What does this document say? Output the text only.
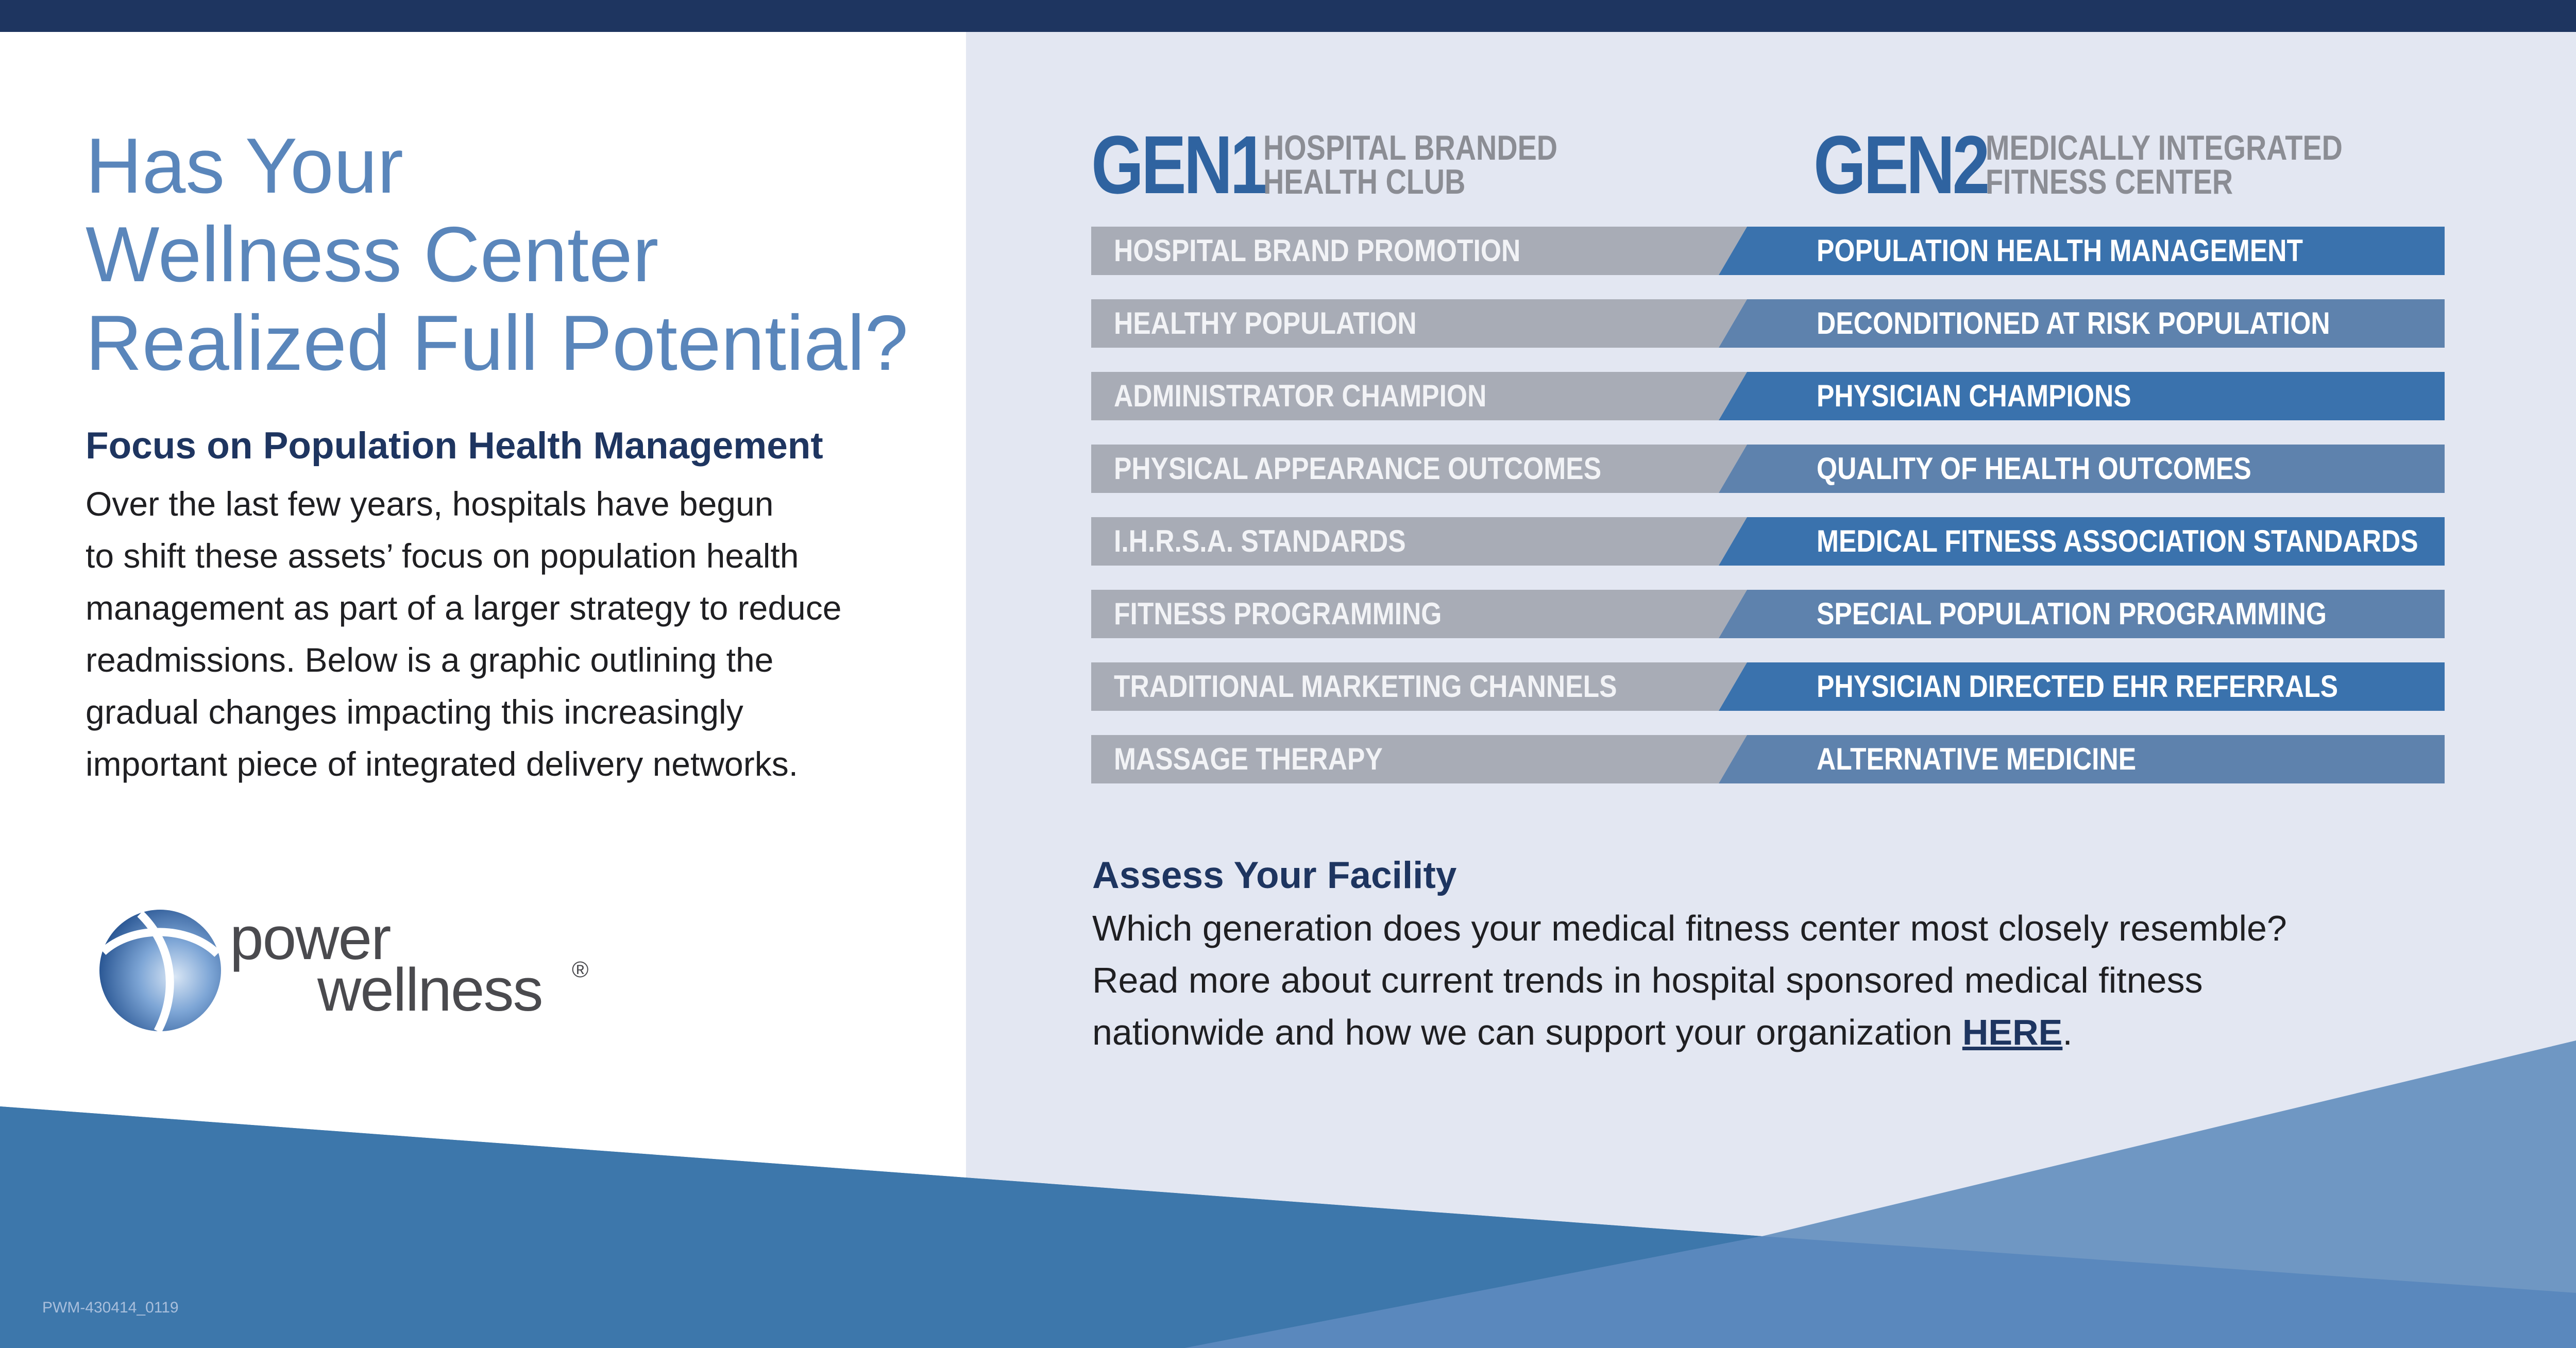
Has Your
Wellness Center
Realized Full Potential?
Focus on Population Health Management
Over the last few years, hospitals have begun
to shift these assets’ focus on population health
management as part of a larger strategy to reduce
readmissions. Below is a graphic outlining the
gradual changes impacting this increasingly
important piece of integrated delivery networks.
power
wellness ®
GEN1
HOSPITAL BRANDED
HEALTH CLUB	GEN2
MEDICALLY INTEGRATED
FITNESS CENTER
HOSPITAL BRAND PROMOTION	POPULATION HEALTH MANAGEMENT
HEALTHY POPULATION	DECONDITIONED AT RISK POPULATION
ADMINISTRATOR CHAMPION	PHYSICIAN CHAMPIONS
PHYSICAL APPEARANCE OUTCOMES	QUALITY OF HEALTH OUTCOMES
I.H.R.S.A. STANDARDS	MEDICAL FITNESS ASSOCIATION STANDARDS
FITNESS PROGRAMMING	SPECIAL POPULATION PROGRAMMING
TRADITIONAL MARKETING CHANNELS	PHYSICIAN DIRECTED EHR REFERRALS
MASSAGE THERAPY	ALTERNATIVE MEDICINE
Assess Your Facility
Which generation does your medical fitness center most closely resemble?
Read more about current trends in hospital sponsored medical fitness
nationwide and how we can support your organization HERE.
PWM-430414_0119
